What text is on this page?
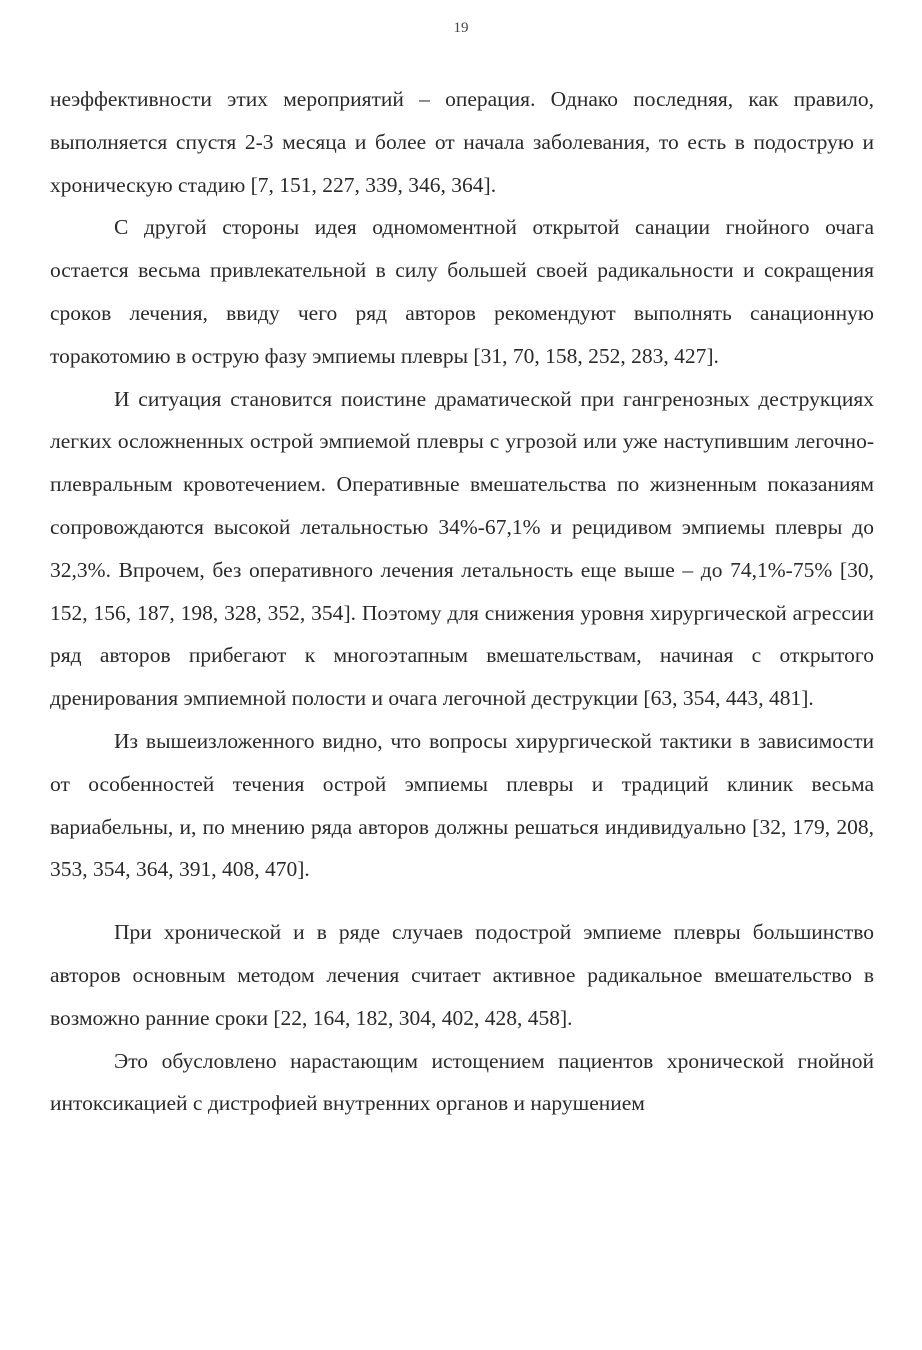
19

неэффективности этих мероприятий – операция. Однако последняя, как правило, выполняется спустя 2-3 месяца и более от начала заболевания, то есть в подострую и хроническую стадию [7, 151, 227, 339, 346, 364].

С другой стороны идея одномоментной открытой санации гнойного очага остается весьма привлекательной в силу большей своей радикальности и сокращения сроков лечения, ввиду чего ряд авторов рекомендуют выполнять санационную торакотомию в острую фазу эмпиемы плевры [31, 70, 158, 252, 283, 427].

И ситуация становится поистине драматической при гангренозных деструкциях легких осложненных острой эмпиемой плевры с угрозой или уже наступившим легочно-плевральным кровотечением. Оперативные вмешательства по жизненным показаниям сопровождаются высокой летальностью 34%-67,1% и рецидивом эмпиемы плевры до 32,3%. Впрочем, без оперативного лечения летальность еще выше – до 74,1%-75% [30, 152, 156, 187, 198, 328, 352, 354]. Поэтому для снижения уровня хирургической агрессии ряд авторов прибегают к многоэтапным вмешательствам, начиная с открытого дренирования эмпиемной полости и очага легочной деструкции [63, 354, 443, 481].

Из вышеизложенного видно, что вопросы хирургической тактики в зависимости от особенностей течения острой эмпиемы плевры и традиций клиник весьма вариабельны, и, по мнению ряда авторов должны решаться индивидуально [32, 179, 208, 353, 354, 364, 391, 408, 470].

При хронической и в ряде случаев подострой эмпиеме плевры большинство авторов основным методом лечения считает активное радикальное вмешательство в возможно ранние сроки [22, 164, 182, 304, 402, 428, 458].

Это обусловлено нарастающим истощением пациентов хронической гнойной интоксикацией с дистрофией внутренних органов и нарушением
